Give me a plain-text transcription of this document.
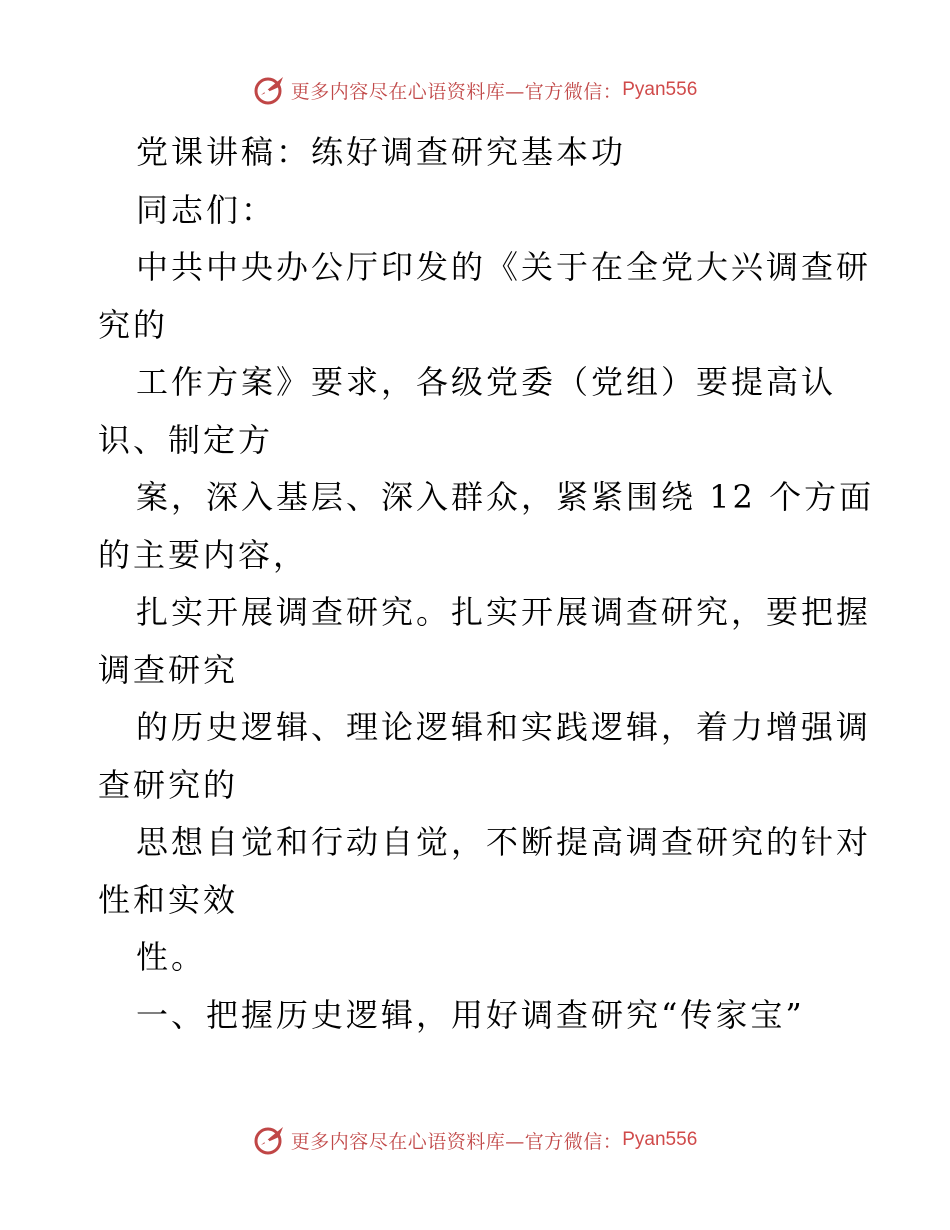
更多内容尽在心语资料库—官方微信： Pyan556
党课讲稿：练好调查研究基本功
同志们：
中共中央办公厅印发的《关于在全党大兴调查研
究的
工作方案》要求，各级党委（党组）要提高认
识、制定方
案，深入基层、深入群众，紧紧围绕 12 个方面
的主要内容，
扎实开展调查研究。扎实开展调查研究，要把握
调查研究
的历史逻辑、理论逻辑和实践逻辑，着力增强调
查研究的
思想自觉和行动自觉，不断提高调查研究的针对
性和实效
性。
一、把握历史逻辑，用好调查研究“传家宝”
更多内容尽在心语资料库—官方微信： Pyan556
